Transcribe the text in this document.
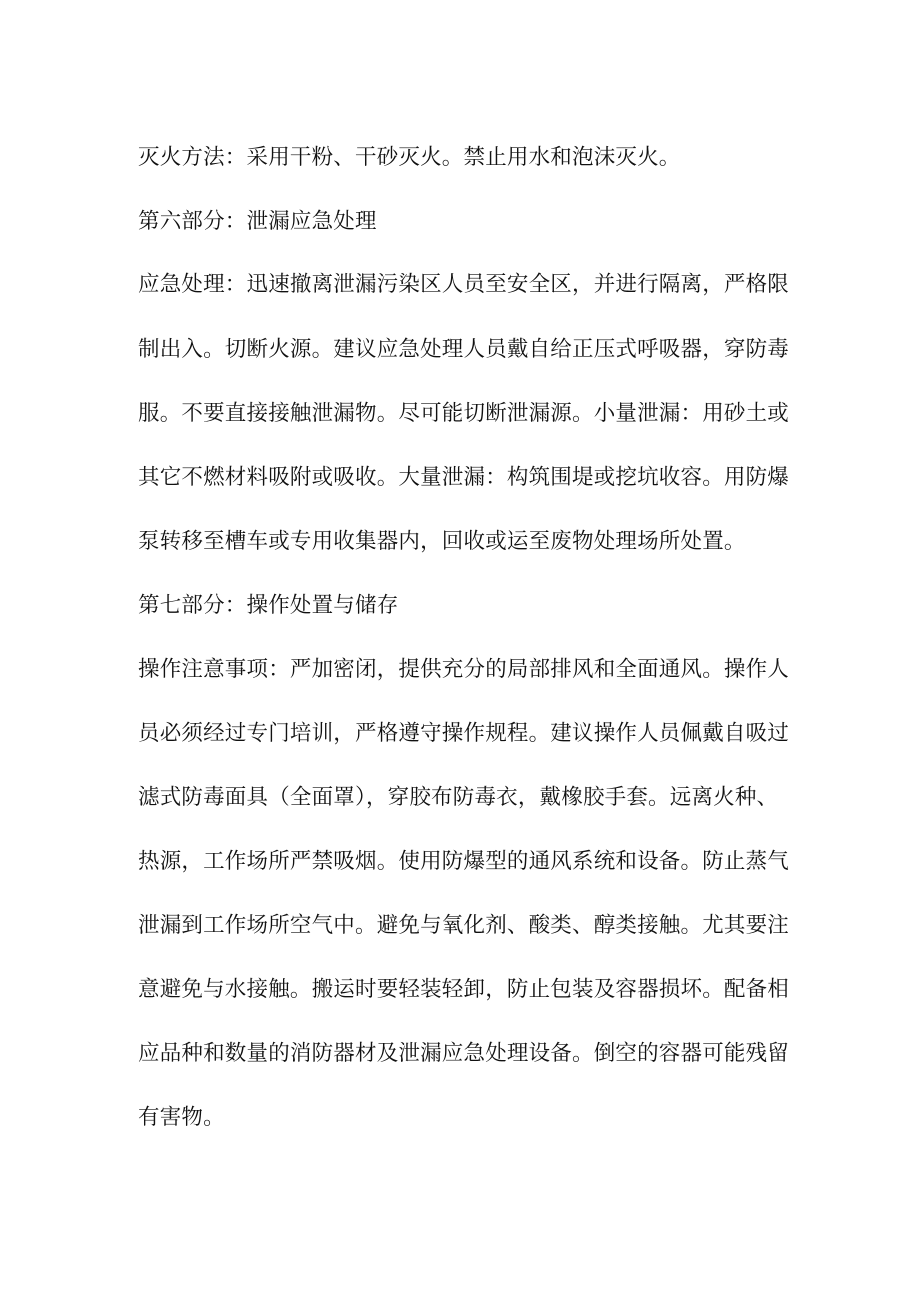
灭火方法：采用干粉、干砂灭火。禁止用水和泡沫灭火。
第六部分：泄漏应急处理
应急处理：迅速撤离泄漏污染区人员至安全区，并进行隔离，严格限
制出入。切断火源。建议应急处理人员戴自给正压式呼吸器，穿防毒
服。不要直接接触泄漏物。尽可能切断泄漏源。小量泄漏：用砂土或
其它不燃材料吸附或吸收。大量泄漏：构筑围堤或挖坑收容。用防爆
泵转移至槽车或专用收集器内，回收或运至废物处理场所处置。
第七部分：操作处置与储存
操作注意事项：严加密闭，提供充分的局部排风和全面通风。操作人
员必须经过专门培训，严格遵守操作规程。建议操作人员佩戴自吸过
滤式防毒面具（全面罩），穿胶布防毒衣，戴橡胶手套。远离火种、
热源，工作场所严禁吸烟。使用防爆型的通风系统和设备。防止蒸气
泄漏到工作场所空气中。避免与氧化剂、酸类、醇类接触。尤其要注
意避免与水接触。搬运时要轻装轻卸，防止包装及容器损坏。配备相
应品种和数量的消防器材及泄漏应急处理设备。倒空的容器可能残留
有害物。
